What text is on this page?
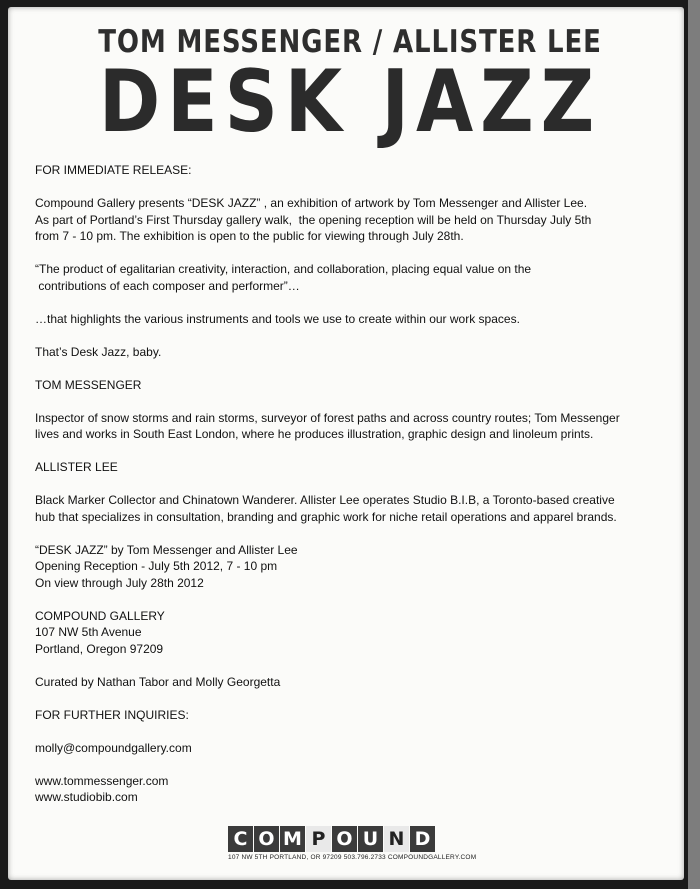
TOM MESSENGER / ALLISTER LEE
DESK JAZZ

FOR IMMEDIATE RELEASE:

Compound Gallery presents “DESK JAZZ” , an exhibition of artwork by Tom Messenger and Allister Lee.
As part of Portland’s First Thursday gallery walk,  the opening reception will be held on Thursday July 5th
from 7 - 10 pm. The exhibition is open to the public for viewing through July 28th.

“The product of egalitarian creativity, interaction, and collaboration, placing equal value on the
contributions of each composer and performer”…

…that highlights the various instruments and tools we use to create within our work spaces.

That’s Desk Jazz, baby.

TOM MESSENGER

Inspector of snow storms and rain storms, surveyor of forest paths and across country routes; Tom Messenger
lives and works in South East London, where he produces illustration, graphic design and linoleum prints.

ALLISTER LEE

Black Marker Collector and Chinatown Wanderer. Allister Lee operates Studio B.I.B, a Toronto-based creative
hub that specializes in consultation, branding and graphic work for niche retail operations and apparel brands.

“DESK JAZZ” by Tom Messenger and Allister Lee
Opening Reception - July 5th 2012, 7 - 10 pm
On view through July 28th 2012

COMPOUND GALLERY
107 NW 5th Avenue
Portland, Oregon 97209

Curated by Nathan Tabor and Molly Georgetta

FOR FURTHER INQUIRIES:

molly@compoundgallery.com

www.tommessenger.com
www.studiobib.com

C O M P O U N D
107 NW 5TH PORTLAND, OR 97209 503.796.2733 COMPOUNDGALLERY.COM
